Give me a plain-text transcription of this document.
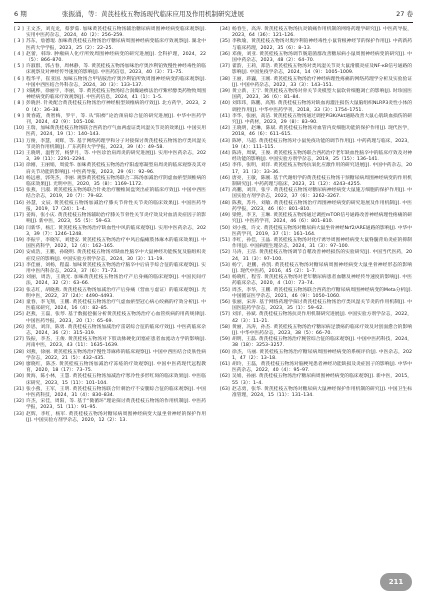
6 期	张振涌，等：黄芪桂枝五物汤现代临床应用及作用机制研究进展	27 卷

[ 2 ] 王文杰，刘克龙，蔡梦茹. 加味黄芪桂枝五物汤辅治糖尿病周围神经病变临床观察[J]. 实用中医药杂志，2024，40（2）：256–259.

[ 3 ] 苏东，詹德琨. 加味黄芪桂枝五物汤治疗糖尿病周围神经病变临床疗效观察[J]. 湖北中医药大学学报，2023，25（2）：22–25.

[ 4 ] 赵蕾，韩珍. 肿瘤病人化疗所致周围神经病变的研究进展[J]. 全科护理，2024，22（5）：866–870.

[ 5 ] 许淑群，郭占春，周林静，等. 黄芪桂枝五物汤加味治疗奥沙利铂致慢性神经毒性的临床观察及对神经传导速度的影响[J]. 中医药信息，2023，40（3）：71–75.

[ 6 ] 程华平，崔亚国. 加味五物汤合甲钴胺治疗奥沙利铂所致周围神经病变的临床观察[J]. 中国中西医结合外科杂志，2024，30（3）：133–137.

[ 7 ] 刘砚桦，徐丽宇，李丽，等. 黄芪桂枝五物汤结合润燥通痹法治疗紫杉醇类药物致周围神经病变的临床疗效观察[J]. 中医药信息，2024，41（1）：1–5.

[ 8 ] 彭晓洪. 针灸配合黄芪桂枝五物汤治疗神经根型颈椎病的疗效[J]. 北方药学，2023，20（4）：36–38.

[ 9 ] 黄春霞，黄智梅，罗宇，等. 从“阳痹”论治颈肩综合征的研究进展[J]. 中华中医药学刊，2024，42（9）：105–108.

[10] 王瑞，加味黄芪桂枝五物汤联合西药治疗气血两虚证类风湿关节炎的效果[J]. 中国实用医药，2024，19（1）：140–143.

[11] 万俊，李慧，刘辉，等. 基于网络药理学和分子对接探讨黄芪桂枝五物汤治疗类风湿关节炎的作用机制[J]. 广东药科大学学报，2023，39（4）：49–58.

[12] 王晓明，温哲芳，杨梦月，等. 中医诊治肩周炎的研究进展[J]. 实用中医药杂志，2023，39（11）：2291–2294.

[13] 徐刚，王丽娟，周爱华. 加味黄芪桂枝五物汤治疗阳虚寒凝型肩周炎的临床观察及其对肩关节功能的影响[J]. 中医药导报，2023，29（6）：92–96.

[14] 杨远惠，郭英杰，李丽. 观察黄芪桂枝五物汤联合二陈汤加减治疗阴虚血瘀型颈椎病的临床效果[J]. 光明中医，2020，35（8）：1169–1172.

[15] 张燕，吕淑. 黄芪桂枝五物汤联合针灸治疗腰椎间盘突出症的临床疗效[J]. 中国中西医结合杂志，2019，20（7）：79–82.

[16] 孙慧，文辰. 黄芪桂枝五物汤加减治疗膝关节骨性关节炎的临床效果[J]. 中国医药导报，2019，17（24）：1–4.

[17] 姜海，张小庆. 黄芪桂枝五物汤辅助治疗膝关节骨性关节炎疗效及对血清炎症因子的影响[J]. 新中医，2023，55（5）：59–63.

[18] 闫新华，杨汇. 黄芪桂枝五物汤治疗缺血性中风的临床观察[J]. 实用中医药杂志，2023，39（7）：1246–1248.

[19] 李振宇，李晓军，刘建安. 黄芪桂枝五物汤治疗中风后偏瘫肢体麻木的临床效果[J]. 中国医药科学，2022，12（4）：162–165.

[20] 安成浩，王鹏，孙晓明. 黄芪桂枝五物汤对缺血性脑卒中大鼠神经功能恢复及脑组织炎症反应的影响[J]. 中国实验方剂学杂志，2024，30（3）：11–19.

[21] 李佳丽，刘杨，程磊. 加味黄芪桂枝五物汤治疗脑卒中后肩手综合征的临床观察[J]. 实用中医内科杂志，2023，37（6）：71–73.

[22] 刘丽，周浩，王晓光. 加味黄芪桂枝五物汤治疗产后身痛的临床观察[J]. 中国民间疗法，2024，32（2）：63–66.

[23] 张志红，胡晓燕. 黄芪桂枝五物汤加减治疗产后身痛（营血亏虚证）的临床观察[J]. 光明中医，2022，37（24）：4490–4493.

[24] 童春，李飞翔，王鹏. 黄芪桂枝五物汤治疗气虚血瘀型冠心病心绞痛的疗效分析[J]. 中医临床研究，2024，16（4）：82–85.

[25] 赵燕，王磊，张琴. 基于数据挖掘分析黄芪桂枝五物汤治疗心血管疾病的用药规律[J]. 中国医药导报，2023，20（1）：65–69.

[26] 彭思，刘洋，陈勇. 黄芪桂枝五物汤加减治疗雷诺综合征的临床疗效[J]. 中医药临床杂志，2024，36（2）：315–319.

[27] 钱振，李杰，王俊. 黄芪桂枝五物汤对下肢动脉硬化闭塞症患者血流动力学的影响[J]. 河南中医，2023，43（11）：1635–1639.

[28] 刘燕，徐丽. 黄芪桂枝五物汤治疗慢性荨麻疹的临床观察[J]. 中国中西医结合皮肤性病学杂志，2022，21（5）：432–435.

[29] 廖晓红，陈杰. 黄芪桂枝五物汤加减治疗冻疮的疗效观察[J]. 中国中医药现代远程教育，2020，18（17）：73–75.

[30] 黄海，陈小林，王慧. 黄芪桂枝五物汤加减治疗寒冷性多形红斑的临床效果[J]. 中医临床研究，2023，15（11）：101–104.

[31] 张小燕，王军，王明. 黄芪桂枝五物汤联合针刺治疗不安腿综合征的临床观察[J]. 中国中医药科技，2024，31（4）：830–834.

[32] 许杰，宋佳，周阳，等. 基于“微循环”理论探讨黄芪桂枝五物汤的作用机制[J]. 中医药学报，2023，51（11）：91–95.

[33] 赵辉，李红，杨军. 黄芪桂枝五物汤对糖尿病周围神经病变大鼠坐骨神经的保护作用[J]. 中国实验方剂学杂志，2020，12（2）：13.

[34] 杨春生，高涛. 黄芪桂枝五物汤抗炎镇痛作用机制的网络药理学研究[J]. 中医药导报，2023，64（36）：121–126.

[35] 李秋瑜，黄芪桂枝五物汤对奥沙利铂神经毒性小鼠背根神经节的保护作用[J]. 中药新药与临床药理，2022，35（6）：8–13.

[36] 邓俊，刘亚. 黄芪桂枝五物汤调节肠道菌群改善糖尿病小鼠周围神经病变的研究[J]. 中国中药杂志，2023，48（2）：64–70.

[37] 翟韵，王莉，郑浩. 黄芪桂枝五物汤对类风湿关节炎大鼠滑膜炎症及NF-κB信号通路的影响[J]. 中国免疫学杂志，2024，14（9）：1005–1009.

[38] 王丽，蒋巍，王刚. 黄芪桂枝五物汤治疗神经病理性疼痛的网络药理学分析及实验验证[J]. 中国中药杂志，2022，33（3）：143–151.

[39] 黄立新，王宁. 黄芪桂枝五物汤对骨关节炎模型大鼠软骨细胞凋亡的影响[J]. 时珍国医国药，2023，36（6）：81–84.

[40] 刘玮玮，陈鹏，高翔. 黄芪桂枝五物汤对缺血再灌注损伤大鼠脑组织NLRP3炎性小体的调控作用[J]. 中华中医药学刊，2018，33（3）：1754–1751.

[41] 李华，张丽，高洁. 黄芪桂枝五物汤通过调控PI3K/Akt通路改善大鼠心肌缺血损伤的研究[J]. 中药材，2023，29（8）：83–90.

[42] 王晓明，赵琳，陈斌. 黄芪桂枝五物汤对血管内皮细胞功能的保护作用[J]. 现代医学，2018，46（6）：611–615.

[43] 陈婷，马超. 黄芪桂枝五物汤对小鼠免疫功能的调节作用[J]. 中药药理与临床，2023，19（4）：111–115.

[44] 陈涛，周斌，王俊. 黄芪桂枝五物汤联合西药治疗老年缺血性脑卒中的临床疗效及对神经功能的影响[J]. 中国实验方剂学杂志，2019，25（15）：136–141.

[45] 李伟，张明，刘洋. 黄芪桂枝五物汤抗氧化应激作用的研究进展[J]. 中国中药杂志，2017，31（3）：33–36.

[46] 唐亮，王敏，陈刚. 基于代谢组学的黄芪桂枝五物汤干预糖尿病周围神经病变的作用机制研究[J]. 中药药理与临床，2023，21（12）：4243–4255.

[47] 高鹏，刘洋，张宇. 黄芪桂枝五物汤对糖尿病神经病变大鼠施万细胞的保护作用[J]. 中国实验方剂学杂志，2022，37（6）：3262–3267.

[48] 陈燕，苏丹，刘敏. 黄芪桂枝五物汤治疗周围神经病变的研究进展及作用机制[J]. 中医药学报，2023，46（6）：801–810.

[49] 梁艳，李卫，王琳. 黄芪桂枝五物汤通过调控mTOR信号通路改善神经病理性疼痛的研究[J]. 中医药学刊，2024，46（6）：801–810.

[50] 刘小燕，许文. 黄芪桂枝五物汤对糖尿病大鼠坐骨神经Nrf2/ARE通路的影响[J]. 中华中医药学刊，2019，37（1）：161–164.

[51] 李红，孙佳，王晶. 黄芪桂枝五物汤对化疗诱导周围神经病变大鼠脊髓背角炎症的抑制作用[J]. 中国病理生理杂志，2024，31（3）：97–100.

[52] 马涛，王洁. 黄芪桂枝五物汤调节自噬改善神经损伤的实验研究[J]. 中国当代医药，2024，31（3）：97–100.

[53] 杨宁，赵鹏，孙凯. 黄芪桂枝五物汤对糖尿病周围神经病变大鼠坐骨神经形态的影响[J]. 现代中医药，2016，45（2）：1–7.

[54] 杨晓红，程雪. 黄芪桂枝五物汤对老年糖尿病患者血糖及神经传导速度的影响[J]. 中医药临床杂志，2020，4（10）：73–74.

[55] 周杰，李华，王鹏. 黄芪桂枝五物汤联合西药治疗糖尿病周围神经病变的Meta分析[J]. 中国循证医学杂志，2021，46（9）：1050–1060.

[56] 张丽，宋涛. 基于网络药理学探讨黄芪桂枝五物汤治疗类风湿关节炎的作用机制[J]. 中国医院药学杂志，2023，35（1）：59–62.

[57] 刘洋，孙斌. 黄芪桂枝五物汤抗炎作用机制研究进展[J]. 中国实验方剂学杂志，2022，42（3）：11–21.

[58] 黄丽，冯涛，孙杰. 黄芪桂枝五物汤治疗糖尿病足溃疡的临床疗效及对创面愈合的影响[J]. 中华中医药杂志，2023，38（5）：66–70.

[59] 胡明，王磊. 黄芪桂枝五物汤治疗腕管综合征的临床观察[J]. 中国中医药科技，2024，38（18）：3253–3257.

[60] 徐杰，马丽. 黄芪桂枝五物汤治疗糖尿病周围神经病变的系统评价[J]. 中医杂志，2021，47（2）：13–18.

[61] 胡玲，王磊，黄芪桂枝五物汤对脑梗死患者神经功能缺损及炎症因子的影响[J]. 中华中医药杂志，2022，40（4）：95–97.

[62] 吴娟，孙丽. 黄芪桂枝五物汤治疗糖尿病周围神经病变的临床观察[J]. 新中医，2015，55（3）：1–4.

[63] 赵志勇，张华. 黄芪桂枝五物汤对糖尿病大鼠神经保护作用机制的研究[J]. 中国卫生标准管理，2024，15（11）：131–134.

211
